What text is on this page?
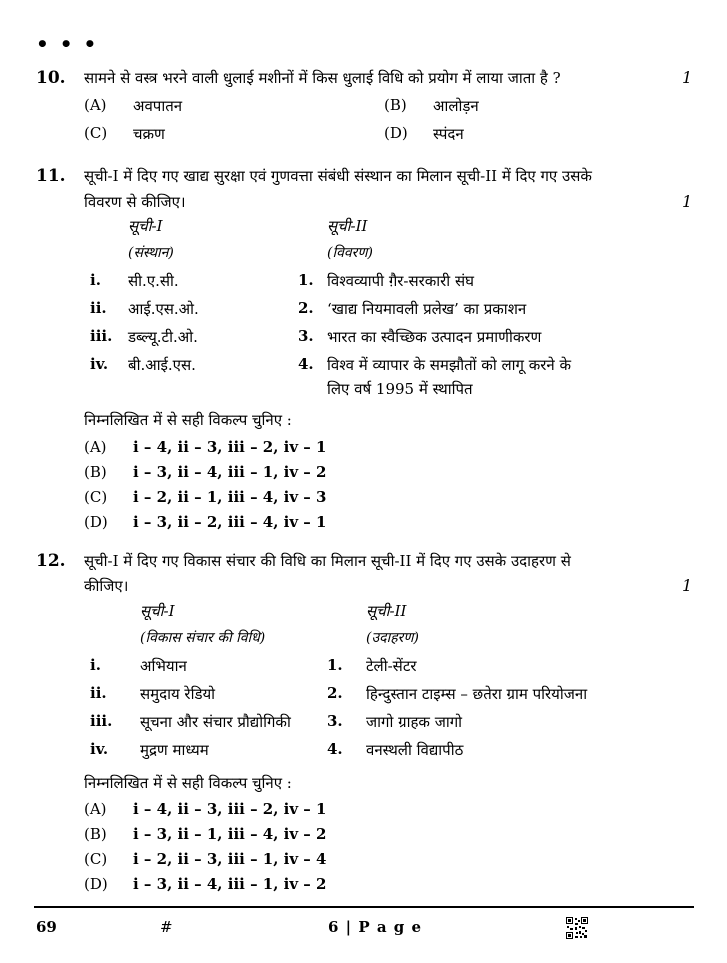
• • •
10. सामने से वस्त्र भरने वाली धुलाई मशीनों में किस धुलाई विधि को प्रयोग में लाया जाता है ?	1
(A) अवपातन	(B) आलोड़न
(C) चक्रण	(D) स्पंदन
11. सूची-I में दिए गए खाद्य सुरक्षा एवं गुणवत्ता संबंधी संस्थान का मिलान सूची-II में दिए गए उसके
विवरण से कीजिए।	1
सूची-I
(संस्थान)
सूची-II
(विवरण)
i. सी.ए.सी.	1. विश्वव्यापी ग़ैर-सरकारी संघ
ii. आई.एस.ओ.	2. ‘खाद्य नियमावली प्रलेख’ का प्रकाशन
iii. डब्ल्यू.टी.ओ.	3. भारत का स्वैच्छिक उत्पादन प्रमाणीकरण
iv. बी.आई.एस.	4. विश्व में व्यापार के समझौतों को लागू करने के
लिए वर्ष 1995 में स्थापित
निम्नलिखित में से सही विकल्प चुनिए :
(A) i – 4, ii – 3, iii – 2, iv – 1
(B) i – 3, ii – 4, iii – 1, iv – 2
(C) i – 2, ii – 1, iii – 4, iv – 3
(D) i – 3, ii – 2, iii – 4, iv – 1
12. सूची-I में दिए गए विकास संचार की विधि का मिलान सूची-II में दिए गए उसके उदाहरण से
कीजिए।	1
सूची-I
(विकास संचार की विधि)
सूची-II
(उदाहरण)
i.	अभियान	1. टेली-सेंटर
ii. समुदाय रेडियो	2. हिन्दुस्तान टाइम्स – छतेरा ग्राम परियोजना
iii. सूचना और संचार प्रौद्योगिकी 3. जागो ग्राहक जागो
iv. मुद्रण माध्यम	4. वनस्थली विद्यापीठ
निम्नलिखित में से सही विकल्प चुनिए :
(A) i – 4, ii – 3, iii – 2, iv – 1
(B) i – 3, ii – 1, iii – 4, iv – 2
(C) i – 2, ii – 3, iii – 1, iv – 4
(D) i – 3, ii – 4, iii – 1, iv – 2
69	#	6 | P a g e
